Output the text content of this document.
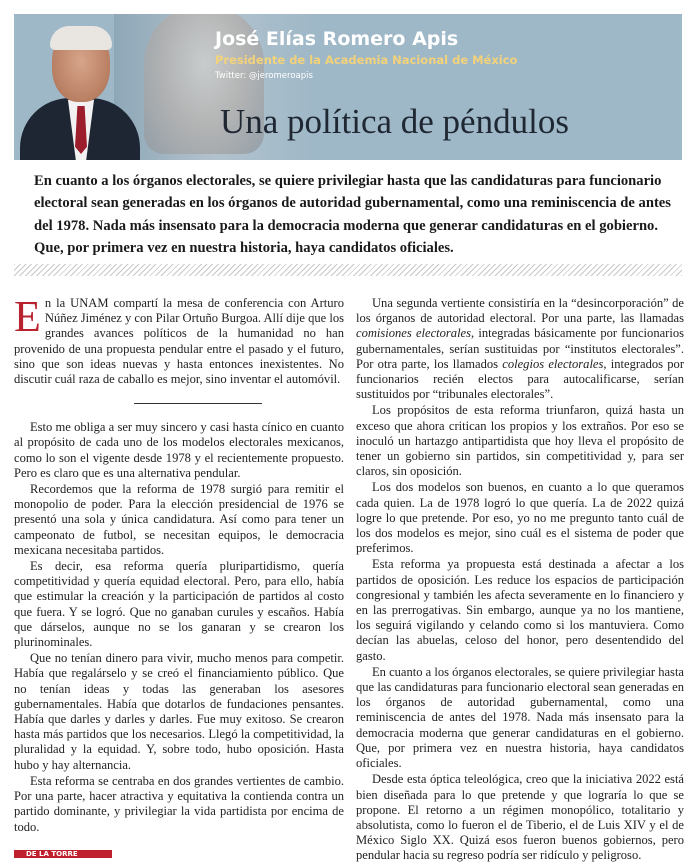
José Elías Romero Apis
Presidente de la Academia Nacional de México
Twitter: @jeromeroapis
Una política de péndulos
En cuanto a los órganos electorales, se quiere privilegiar hasta que las candidaturas para funcionario electoral sean generadas en los órganos de autoridad gubernamental, como una reminiscencia de antes del 1978. Nada más insensato para la democracia moderna que generar candidaturas en el gobierno. Que, por primera vez en nuestra historia, haya candidatos oficiales.

En la UNAM compartí la mesa de conferencia con Arturo Núñez Jiménez y con Pilar Ortuño Burgoa. Allí dije que los grandes avances políticos de la humanidad no han provenido de una propuesta pendular entre el pasado y el futuro, sino que son ideas nuevas y hasta entonces inexistentes. No discutir cuál raza de caballo es mejor, sino inventar el automóvil.

Esto me obliga a ser muy sincero y casi hasta cínico en cuanto al propósito de cada uno de los modelos electorales mexicanos, como lo son el vigente desde 1978 y el recientemente propuesto. Pero es claro que es una alternativa pendular.

Recordemos que la reforma de 1978 surgió para remitir el monopolio de poder. Para la elección presidencial de 1976 se presentó una sola y única candidatura. Así como para tener un campeonato de futbol, se necesitan equipos, le democracia mexicana necesitaba partidos.

Es decir, esa reforma quería pluripartidismo, quería competitividad y quería equidad electoral. Pero, para ello, había que estimular la creación y la participación de partidos al costo que fuera. Y se logró. Que no ganaban curules y escaños. Había que dárselos, aunque no se los ganaran y se crearon los plurinominales.

Que no tenían dinero para vivir, mucho menos para competir. Había que regalárselo y se creó el financiamiento público. Que no tenían ideas y todas las generaban los asesores gubernamentales. Había que dotarlos de fundaciones pensantes. Había que darles y darles y darles. Fue muy exitoso. Se crearon hasta más partidos que los necesarios. Llegó la competitividad, la pluralidad y la equidad. Y, sobre todo, hubo oposición. Hasta hubo y hay alternancia.

Esta reforma se centraba en dos grandes vertientes de cambio. Por una parte, hacer atractiva y equitativa la contienda contra un partido dominante, y privilegiar la vida partidista por encima de todo.

Una segunda vertiente consistiría en la “desincorporación” de los órganos de autoridad electoral. Por una parte, las llamadas comisiones electorales, integradas básicamente por funcionarios gubernamentales, serían sustituidas por “institutos electorales”. Por otra parte, los llamados colegios electorales, integrados por funcionarios recién electos para autocalificarse, serían sustituidos por “tribunales electorales”.

Los propósitos de esta reforma triunfaron, quizá hasta un exceso que ahora critican los propios y los extraños. Por eso se inoculó un hartazgo antipartidista que hoy lleva el propósito de tener un gobierno sin partidos, sin competitividad y, para ser claros, sin oposición.

Los dos modelos son buenos, en cuanto a lo que queramos cada quien. La de 1978 logró lo que quería. La de 2022 quizá logre lo que pretende. Por eso, yo no me pregunto tanto cuál de los dos modelos es mejor, sino cuál es el sistema de poder que preferimos.

Esta reforma ya propuesta está destinada a afectar a los partidos de oposición. Les reduce los espacios de participación congresional y también les afecta severamente en lo financiero y en las prerrogativas. Sin embargo, aunque ya no los mantiene, los seguirá vigilando y celando como si los mantuviera. Como decían las abuelas, celoso del honor, pero desentendido del gasto.

En cuanto a los órganos electorales, se quiere privilegiar hasta que las candidaturas para funcionario electoral sean generadas en los órganos de autoridad gubernamental, como una reminiscencia de antes del 1978. Nada más insensato para la democracia moderna que generar candidaturas en el gobierno. Que, por primera vez en nuestra historia, haya candidatos oficiales.

Desde esta óptica teleológica, creo que la iniciativa 2022 está bien diseñada para lo que pretende y que lograría lo que se propone. El retorno a un régimen monopólico, totalitario y absolutista, como lo fueron el de Tiberio, el de Luis XIV y el de México Siglo XX. Quizá esos fueron buenos gobiernos, pero pendular hacia su regreso podría ser ridículo y peligroso.

DE LA TORRE
